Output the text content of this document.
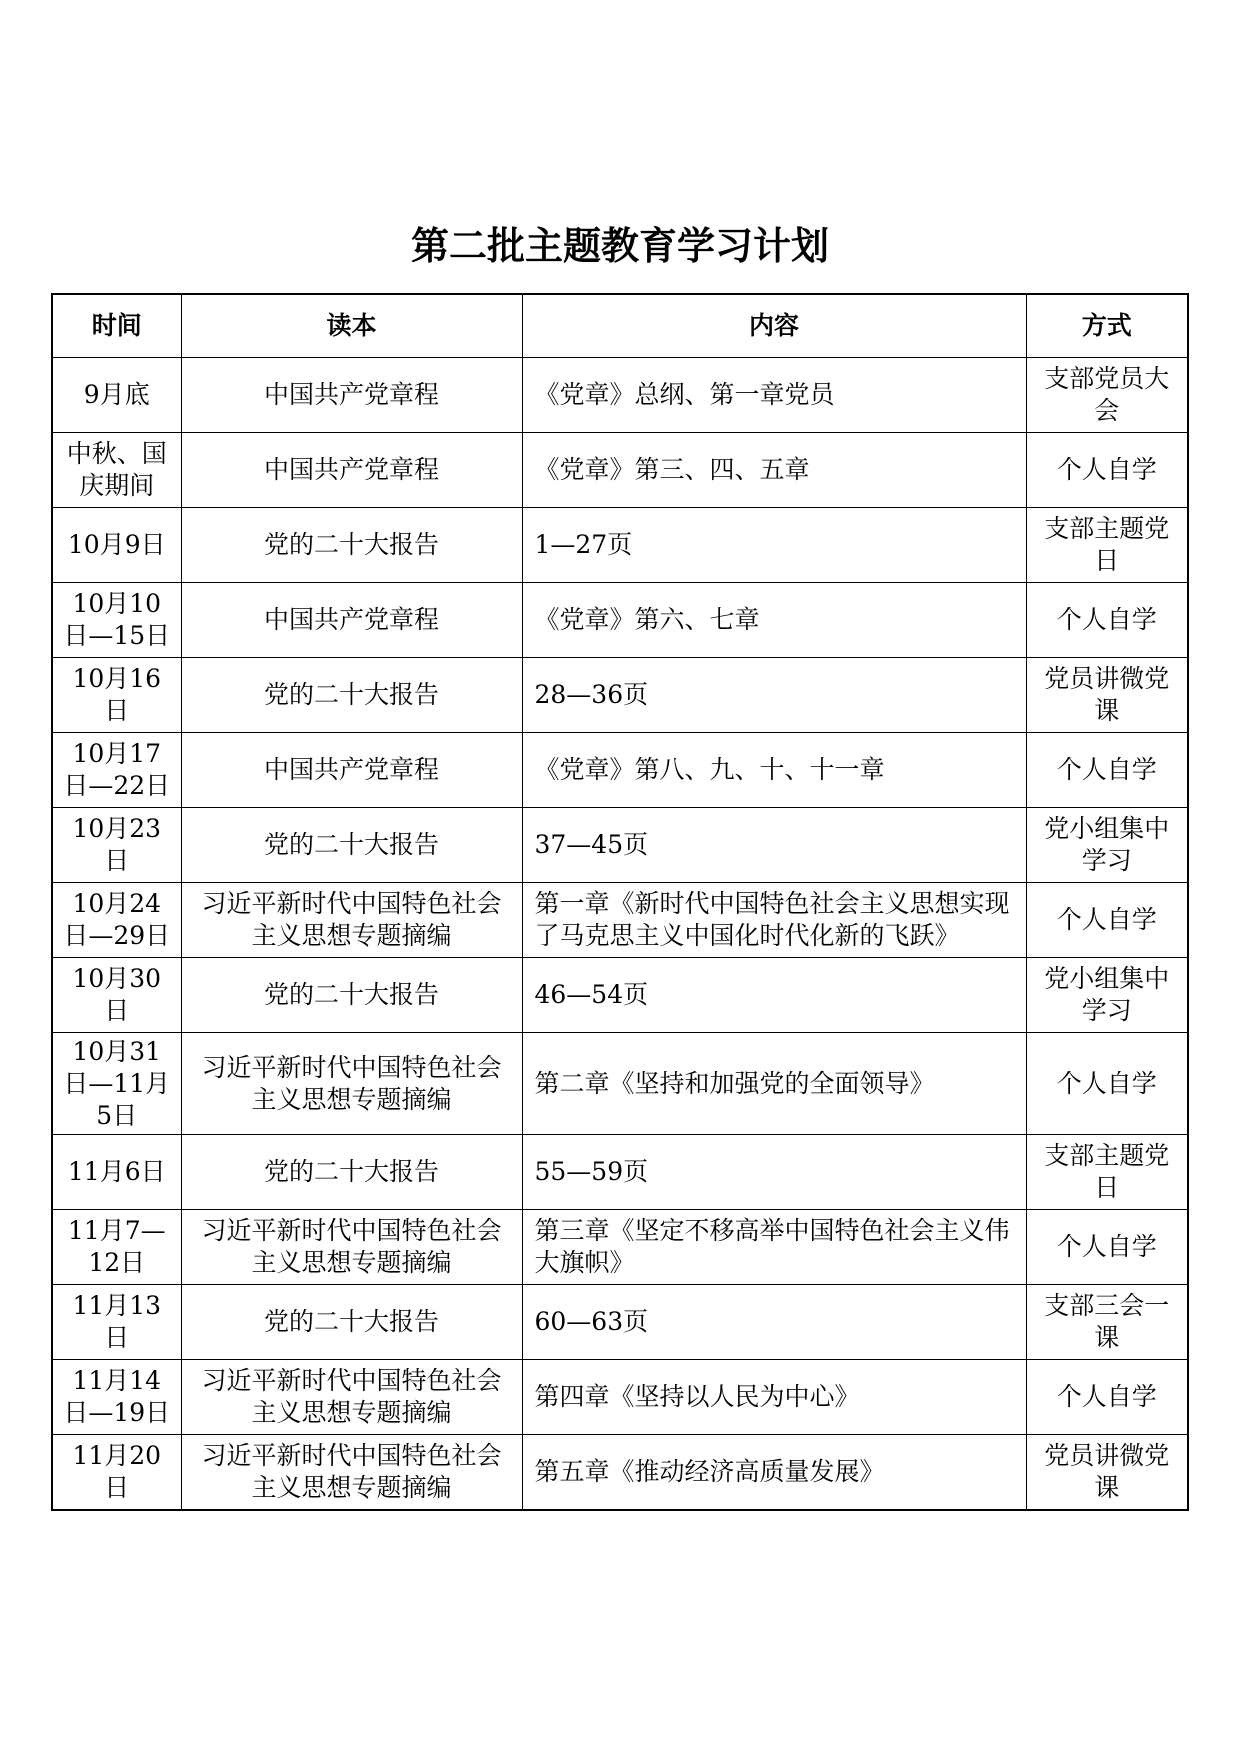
第二批主题教育学习计划
时间	读本	内容	方式
9月底	中国共产党章程	《党章》总纲、第一章党员	支部党员大会
中秋、国庆期间	中国共产党章程	《党章》第三、四、五章	个人自学
10月9日	党的二十大报告	1—27页	支部主题党日
10月10日—15日	中国共产党章程	《党章》第六、七章	个人自学
10月16日	党的二十大报告	28—36页	党员讲微党课
10月17日—22日	中国共产党章程	《党章》第八、九、十、十一章	个人自学
10月23日	党的二十大报告	37—45页	党小组集中学习
10月24日—29日	习近平新时代中国特色社会主义思想专题摘编	第一章《新时代中国特色社会主义思想实现了马克思主义中国化时代化新的飞跃》	个人自学
10月30日	党的二十大报告	46—54页	党小组集中学习
10月31日—11月5日	习近平新时代中国特色社会主义思想专题摘编	第二章《坚持和加强党的全面领导》	个人自学
11月6日	党的二十大报告	55—59页	支部主题党日
11月7—12日	习近平新时代中国特色社会主义思想专题摘编	第三章《坚定不移高举中国特色社会主义伟大旗帜》	个人自学
11月13日	党的二十大报告	60—63页	支部三会一课
11月14日—19日	习近平新时代中国特色社会主义思想专题摘编	第四章《坚持以人民为中心》	个人自学
11月20日	习近平新时代中国特色社会主义思想专题摘编	第五章《推动经济高质量发展》	党员讲微党课
